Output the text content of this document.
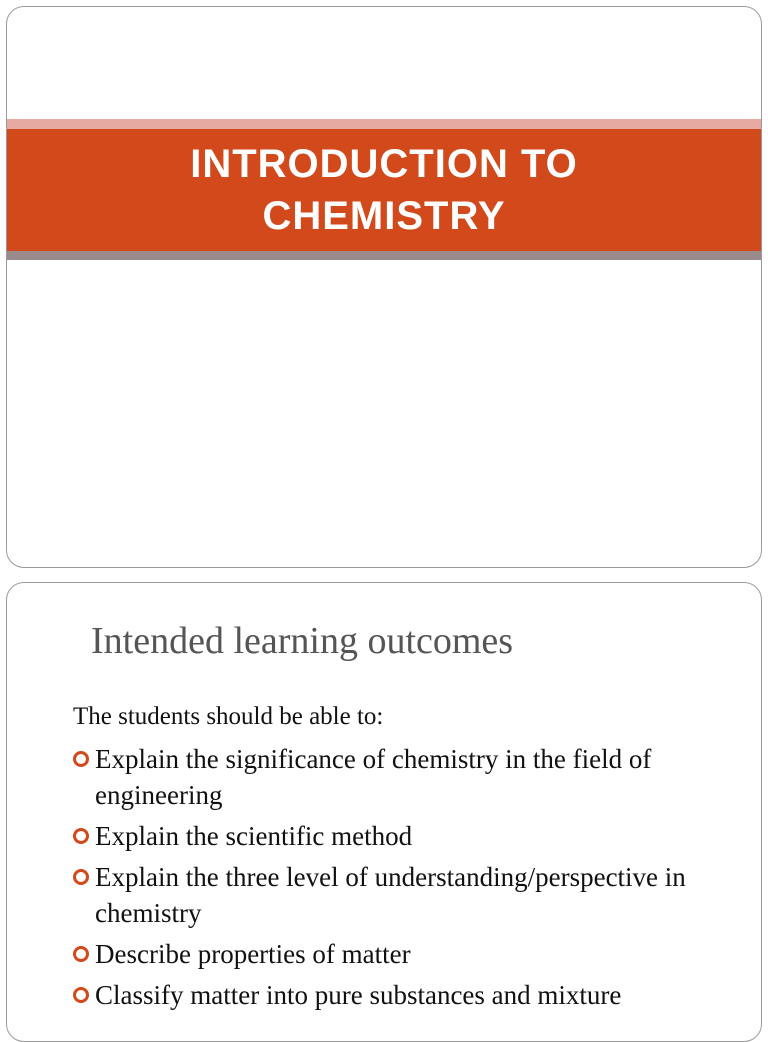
INTRODUCTION TO
CHEMISTRY
Intended learning outcomes

The students should be able to:

Explain the significance of chemistry in the field of engineering
Explain the scientific method
Explain the three level of understanding/perspective in chemistry
Describe properties of matter
Classify matter into pure substances and mixture
